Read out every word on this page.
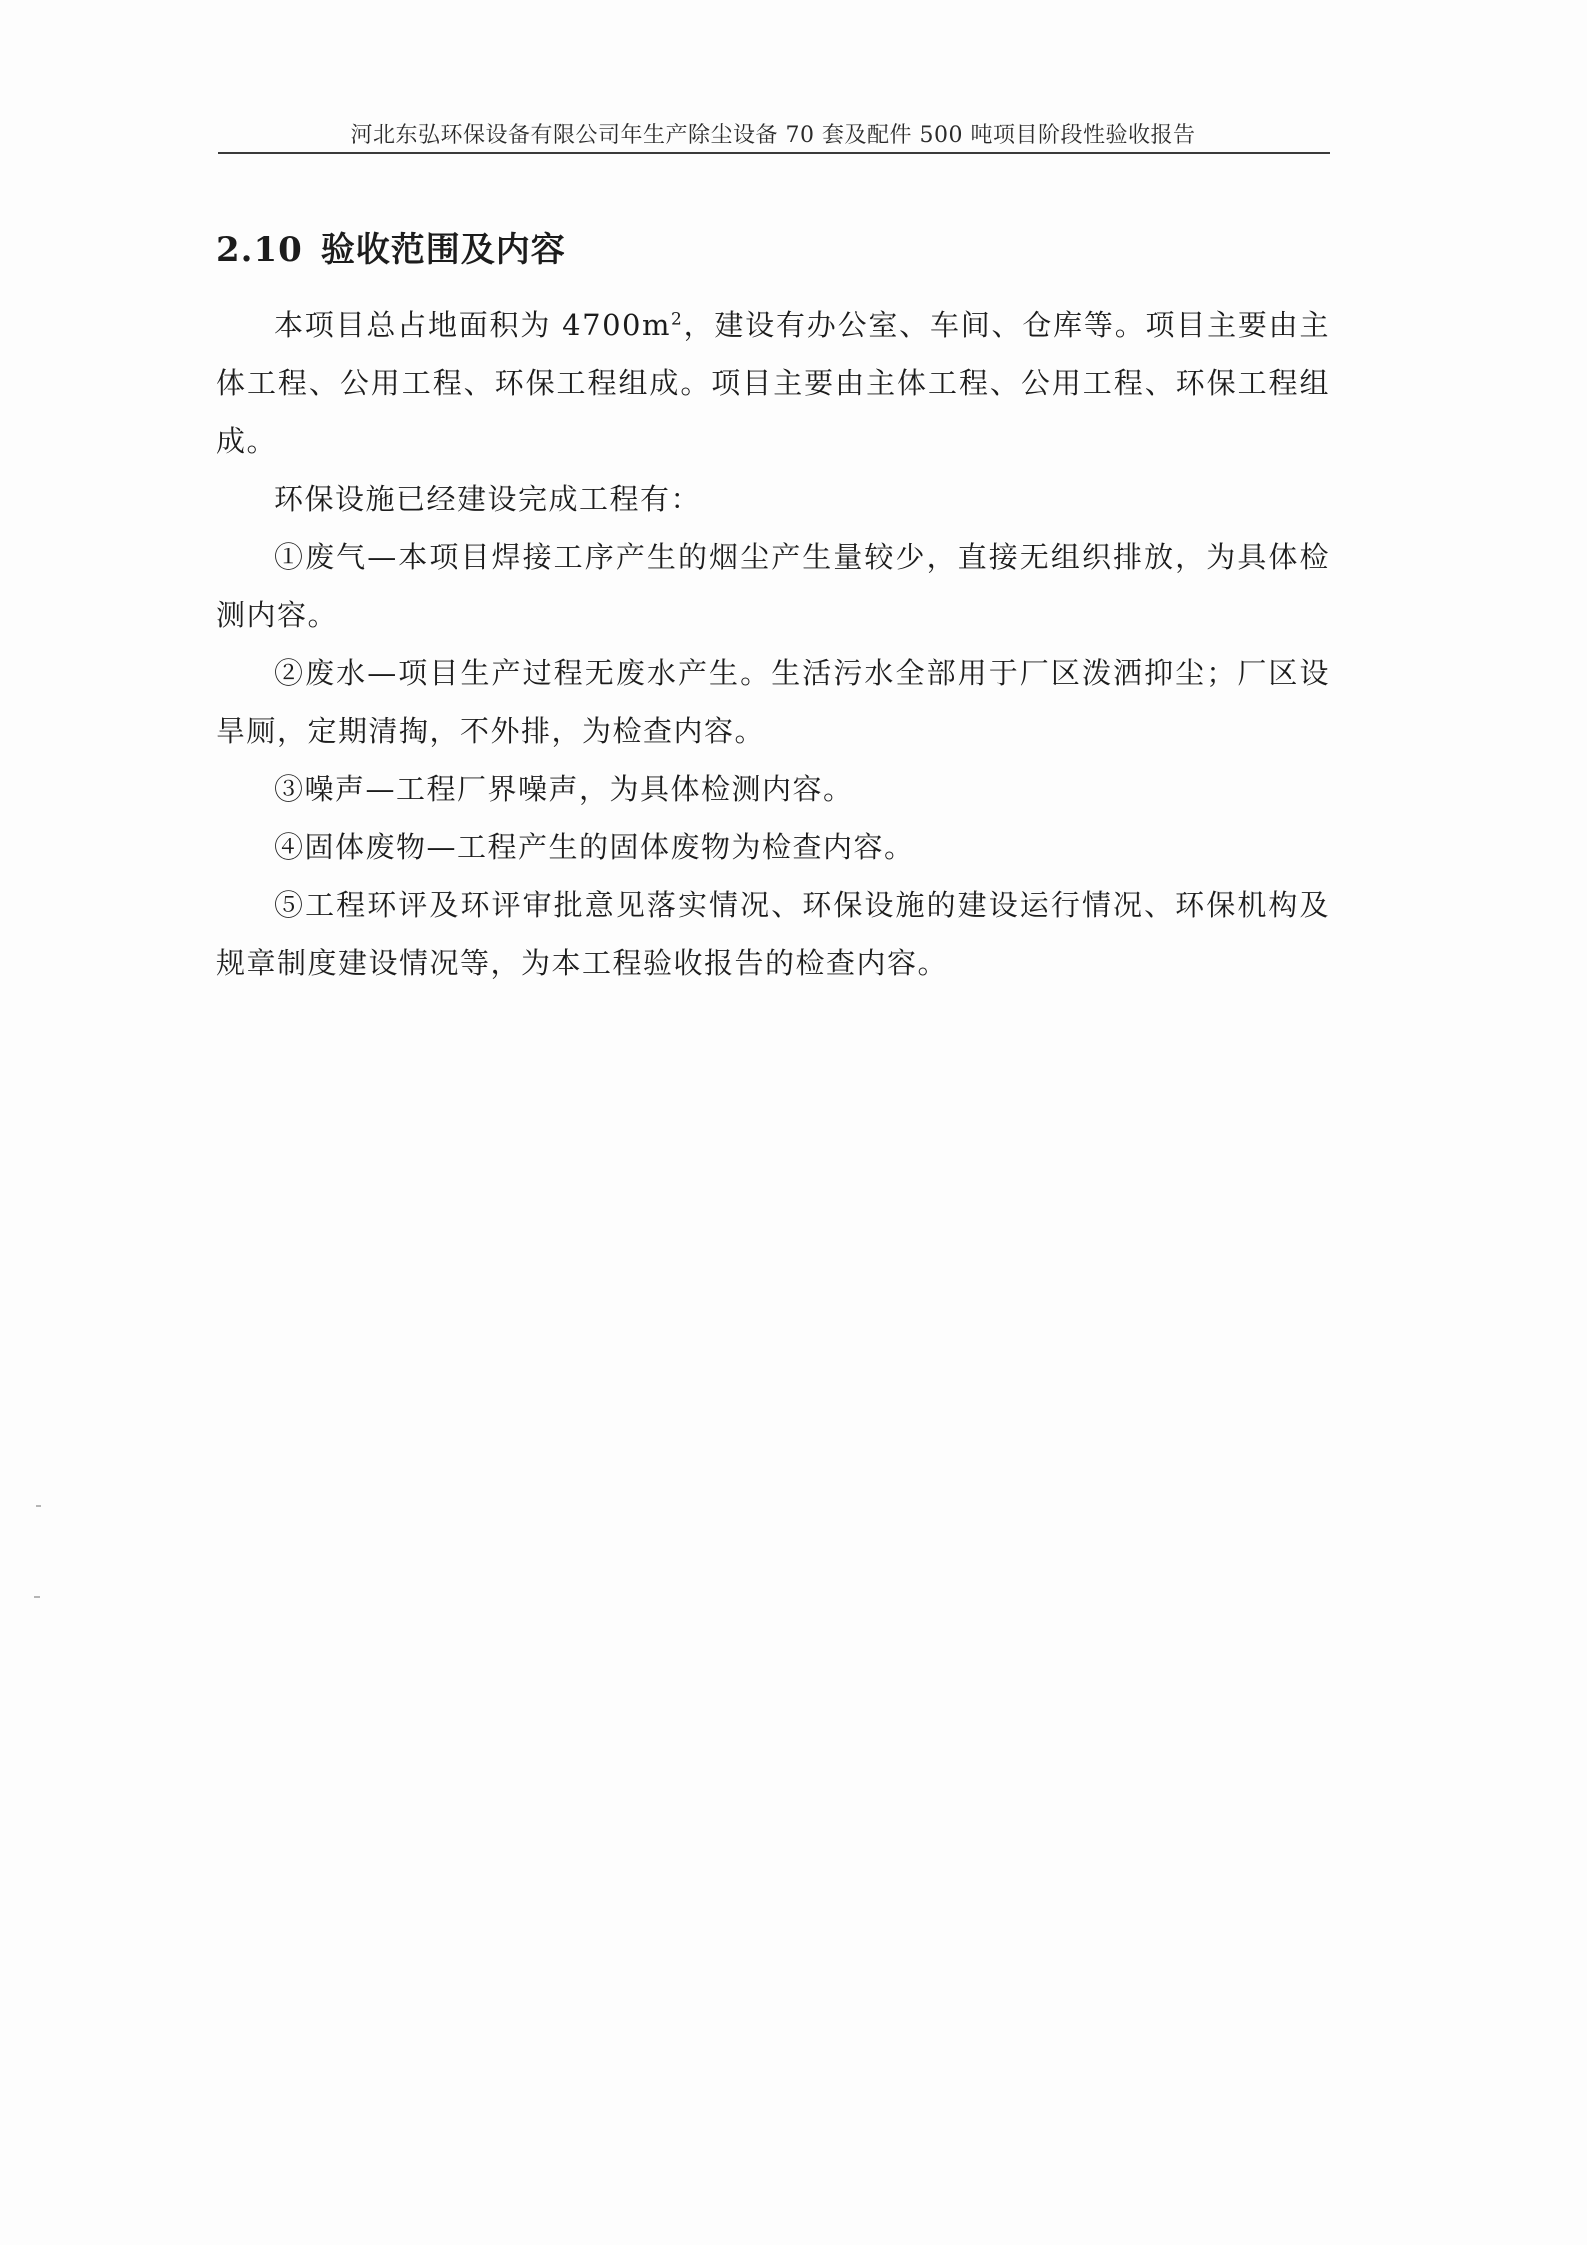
河北东弘环保设备有限公司年生产除尘设备 70 套及配件 500 吨项目阶段性验收报告
2.10 验收范围及内容

本项目总占地面积为 $4700m^2$，建设有办公室、车间、仓库等。项目主要由主体工程、公用工程、环保工程组成。项目主要由主体工程、公用工程、环保工程组成。

环保设施已经建设完成工程有：

①废气—本项目焊接工序产生的烟尘产生量较少，直接无组织排放，为具体检测内容。

②废水—项目生产过程无废水产生。生活污水全部用于厂区泼洒抑尘；厂区设旱厕，定期清掏，不外排，为检查内容。

③噪声—工程厂界噪声，为具体检测内容。

④固体废物—工程产生的固体废物为检查内容。

⑤工程环评及环评审批意见落实情况、环保设施的建设运行情况、环保机构及规章制度建设情况等，为本工程验收报告的检查内容。
